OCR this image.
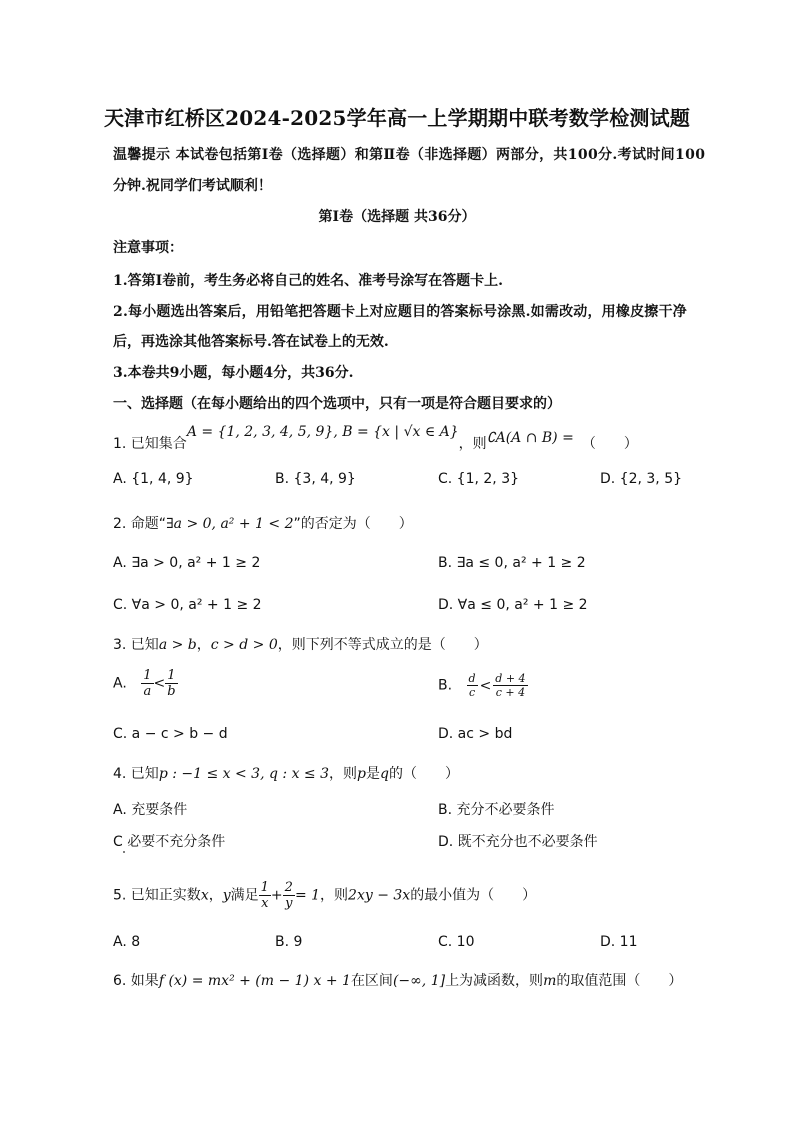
天津市红桥区2024-2025学年高一上学期期中联考数学检测试题
温馨提示 本试卷包括第Ⅰ卷（选择题）和第Ⅱ卷（非选择题）两部分，共100分.考试时间100
分钟.祝同学们考试顺利！
第Ⅰ卷（选择题 共36分）
注意事项：
1.答第Ⅰ卷前，考生务必将自己的姓名、准考号涂写在答题卡上.
2.每小题选出答案后，用铅笔把答题卡上对应题目的答案标号涂黑.如需改动，用橡皮擦干净
后，再选涂其他答案标号.答在试卷上的无效.
3.本卷共9小题，每小题4分，共36分.
一、选择题（在每小题给出的四个选项中，只有一项是符合题目要求的）
1. 已知集合A = {1, 2, 3, 4, 5, 9}, B = {x | √x ∈ A}，则∁A(A ∩ B) = （　　）
A. {1, 4, 9}	B. {3, 4, 9}	C. {1, 2, 3}	D. {2, 3, 5}
2. 命题“∃a > 0, a² + 1 < 2”的否定为（　　）
A. ∃a > 0, a² + 1 ≥ 2	B. ∃a ≤ 0, a² + 1 ≥ 2
C. ∀a > 0, a² + 1 ≥ 2	D. ∀a ≤ 0, a² + 1 ≥ 2
3. 已知a > b，c > d > 0，则下列不等式成立的是（　　）
A. $\frac{1}{a} < \frac{1}{b}$	B. $\frac{d}{c} < \frac{d + 4}{c + 4}$
C. a − c > b − d	D. ac > bd
4. 已知p : −1 ≤ x < 3, q : x ≤ 3，则p是q的（　　）
A. 充要条件	B. 充分不必要条件
C 必要不充分条件	D. 既不充分也不必要条件
5. 已知正实数x，y满足 $\frac{1}{x} + \frac{2}{y} = 1$，则2xy − 3x的最小值为（　　）
A. 8	B. 9	C. 10	D. 11
6. 如果f (x) = mx² + (m − 1) x + 1在区间(−∞, 1]上为减函数，则m的取值范围（　　）
